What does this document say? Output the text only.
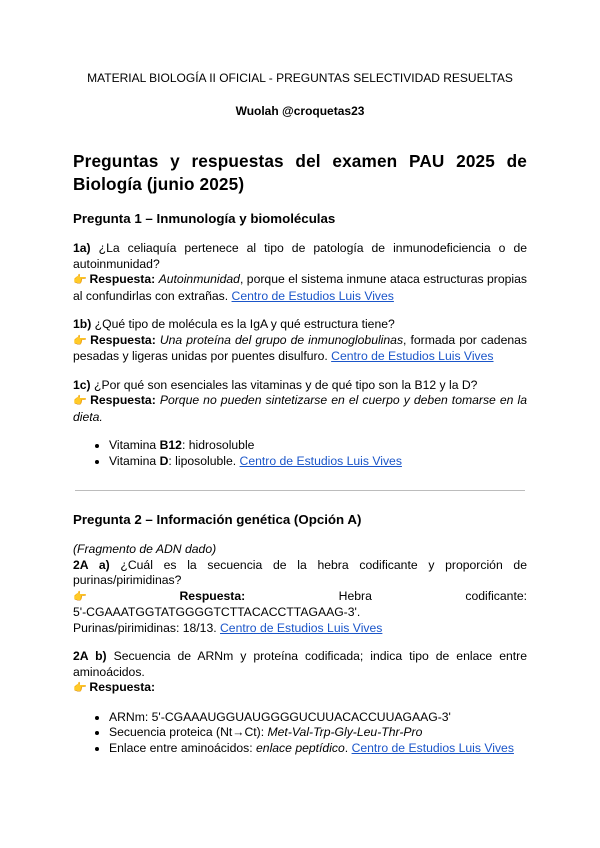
MATERIAL BIOLOGÍA II OFICIAL - PREGUNTAS SELECTIVIDAD RESUELTAS
Wuolah @croquetas23
Preguntas y respuestas del examen PAU 2025 de Biología (junio 2025)
Pregunta 1 – Inmunología y biomoléculas

1a) ¿La celiaquía pertenece al tipo de patología de inmunodeficiencia o de autoinmunidad?

👉 Respuesta: Autoinmunidad, porque el sistema inmune ataca estructuras propias al confundirlas con extrañas. Centro de Estudios Luis Vives

1b) ¿Qué tipo de molécula es la IgA y qué estructura tiene?

👉 Respuesta: Una proteína del grupo de inmunoglobulinas, formada por cadenas pesadas y ligeras unidas por puentes disulfuro. Centro de Estudios Luis Vives

1c) ¿Por qué son esenciales las vitaminas y de qué tipo son la B12 y la D?

👉 Respuesta: Porque no pueden sintetizarse en el cuerpo y deben tomarse en la dieta.

• Vitamina B12: hidrosoluble
• Vitamina D: liposoluble. Centro de Estudios Luis Vives
Pregunta 2 – Información genética (Opción A)

(Fragmento de ADN dado)

2A a) ¿Cuál es la secuencia de la hebra codificante y proporción de purinas/pirimidinas?

👉	Respuesta:	Hebra	codificante:

5'-CGAAATGGTATGGGGTCTTACACCTTAGAAG-3'.

Purinas/pirimidinas: 18/13. Centro de Estudios Luis Vives

2A b) Secuencia de ARNm y proteína codificada; indica tipo de enlace entre aminoácidos.

👉 Respuesta:

• ARNm: 5'-CGAAAUGGUAUGGGGUCUUACACCUUAGAAG-3'
• Secuencia proteica (Nt→Ct): Met-Val-Trp-Gly-Leu-Thr-Pro
• Enlace entre aminoácidos: enlace peptídico. Centro de Estudios Luis Vives
